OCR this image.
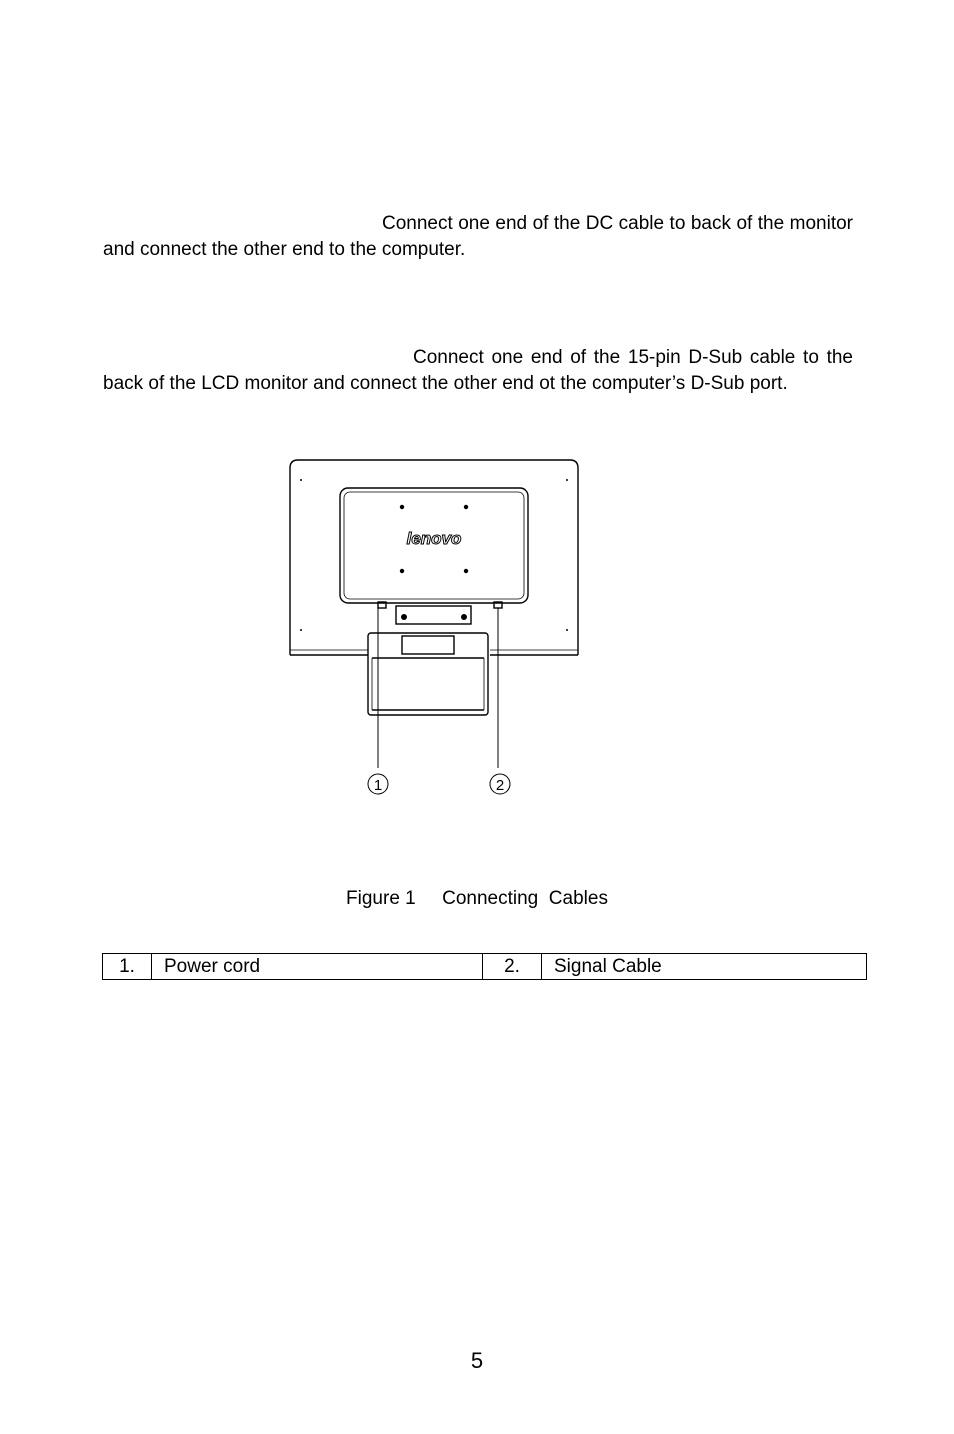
Connect one end of the DC cable to back of the monitor and connect the other end to the computer.

Connect one end of the 15-pin D-Sub cable to the back of the LCD monitor and connect the other end ot the computer’s D-Sub port.

lenovo
1	2
Figure 1     Connecting  Cables
1.	Power cord	2.	Signal Cable
5
